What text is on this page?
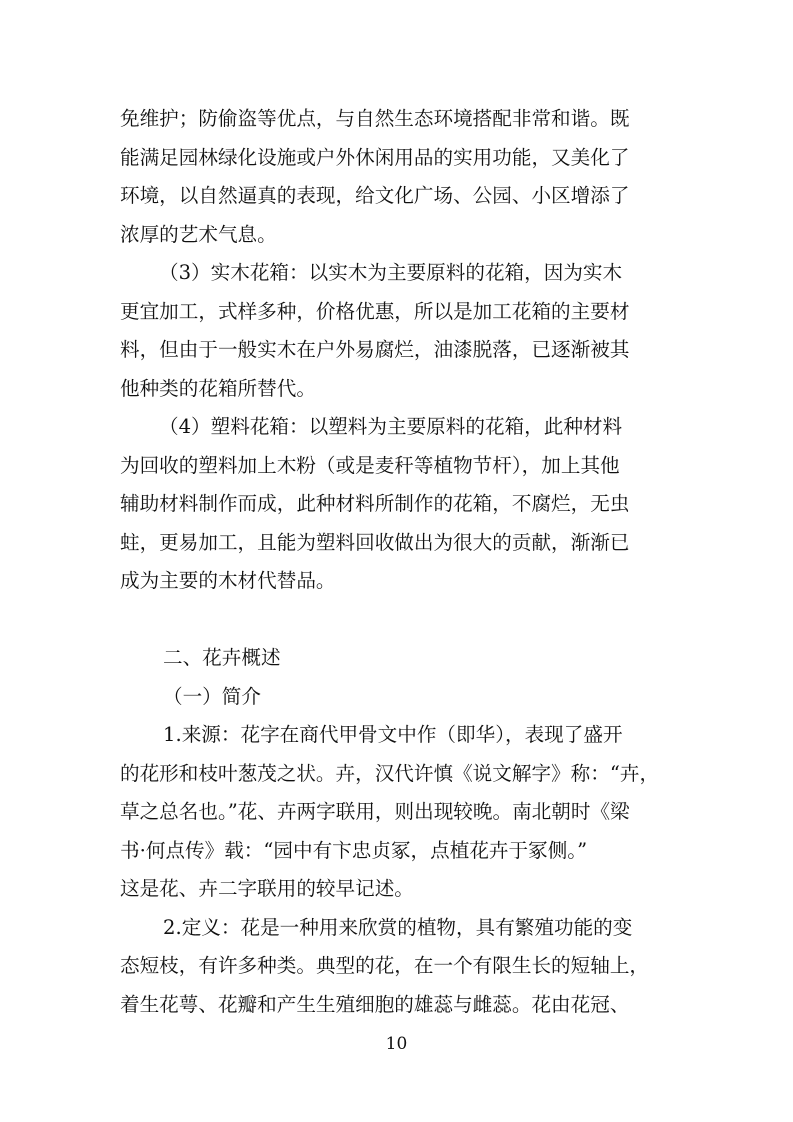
免维护；防偷盗等优点，与自然生态环境搭配非常和谐。既
能满足园林绿化设施或户外休闲用品的实用功能，又美化了
环境，以自然逼真的表现，给文化广场、公园、小区增添了
浓厚的艺术气息。
（3）实木花箱：以实木为主要原料的花箱，因为实木
更宜加工，式样多种，价格优惠，所以是加工花箱的主要材
料，但由于一般实木在户外易腐烂，油漆脱落，已逐渐被其
他种类的花箱所替代。
（4）塑料花箱：以塑料为主要原料的花箱，此种材料
为回收的塑料加上木粉（或是麦秆等植物节杆），加上其他
辅助材料制作而成，此种材料所制作的花箱，不腐烂，无虫
蛀，更易加工，且能为塑料回收做出为很大的贡献，渐渐已
成为主要的木材代替品。
二、花卉概述
（一）简介
1.来源：花字在商代甲骨文中作（即华），表现了盛开
的花形和枝叶葱茂之状。卉，汉代许慎《说文解字》称：“卉，
草之总名也。”花、卉两字联用，则出现较晚。南北朝时《梁
书·何点传》载：“园中有卞忠贞冢，点植花卉于冢侧。”
这是花、卉二字联用的较早记述。
2.定义：花是一种用来欣赏的植物，具有繁殖功能的变
态短枝，有许多种类。典型的花，在一个有限生长的短轴上，
着生花萼、花瓣和产生生殖细胞的雄蕊与雌蕊。花由花冠、
10
